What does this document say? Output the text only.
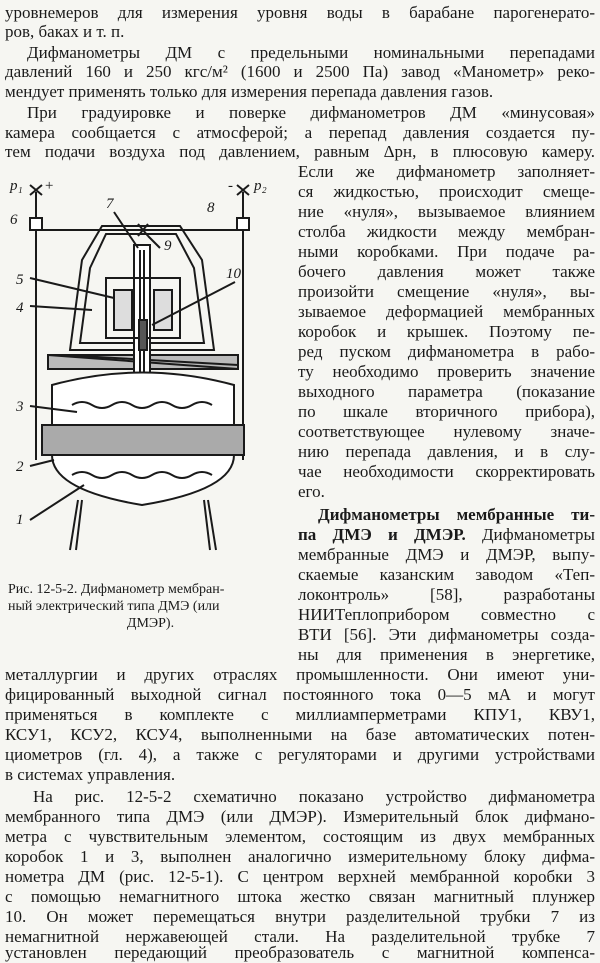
уровнемеров для измерения уровня воды в барабане парогенерато-
ров, баках и т. п.
Дифманометры ДМ с предельными номинальными перепадами
давлений 160 и 250 кгс/м² (1600 и 2500 Па) завод «Манометр» реко-
мендует применять только для измерения перепада давления газов.
При градуировке и поверке дифманометров ДМ «минусовая»
камера сообщается с атмосферой; а перепад давления создается пу-
тем подачи воздуха под давлением, равным Δpн, в плюсовую камеру.
p₁ +	p₂
-
6
7	8
9
10
5
4
3
2
1
Рис. 12-5-2. Дифманометр мембран-
ный электрический типа ДМЭ (или
ДМЭР).
Если же дифманометр заполняет-
ся жидкостью, происходит смеще-
ние «нуля», вызываемое влиянием
столба жидкости между мембран-
ными коробками. При подаче ра-
бочего давления может также
произойти смещение «нуля», вы-
зываемое деформацией мембранных
коробок и крышек. Поэтому пе-
ред пуском дифманометра в рабо-
ту необходимо проверить значение
выходного параметра (показание
по шкале вторичного прибора),
соответствующее нулевому значе-
нию перепада давления, и в слу-
чае необходимости скорректировать
его.
Дифманометры мембранные ти-
па ДМЭ и ДМЭР. Дифманометры
мембранные ДМЭ и ДМЭР, выпу-
скаемые казанским заводом «Теп-
локонтроль» [58], разработаны
НИИТеплоприбором совместно с
ВТИ [56]. Эти дифманометры созда-
ны для применения в энергетике,
металлургии и других отраслях промышленности. Они имеют уни-
фицированный выходной сигнал постоянного тока 0—5 мА и могут
применяться в комплекте с миллиамперметрами КПУ1, КВУ1,
КСУ1, КСУ2, КСУ4, выполненными на базе автоматических потен-
циометров (гл. 4), а также с регуляторами и другими устройствами
в системах управления.
На рис. 12-5-2 схематично показано устройство дифманометра
мембранного типа ДМЭ (или ДМЭР). Измерительный блок дифмано-
метра с чувствительным элементом, состоящим из двух мембранных
коробок 1 и 3, выполнен аналогично измерительному блоку дифма-
нометра ДМ (рис. 12-5-1). С центром верхней мембранной коробки 3
с помощью немагнитного штока жестко связан магнитный плунжер
10. Он может перемещаться внутри разделительной трубки 7 из
немагнитной нержавеющей стали. На разделительной трубке 7
установлен передающий преобразователь с магнитной компенса-
